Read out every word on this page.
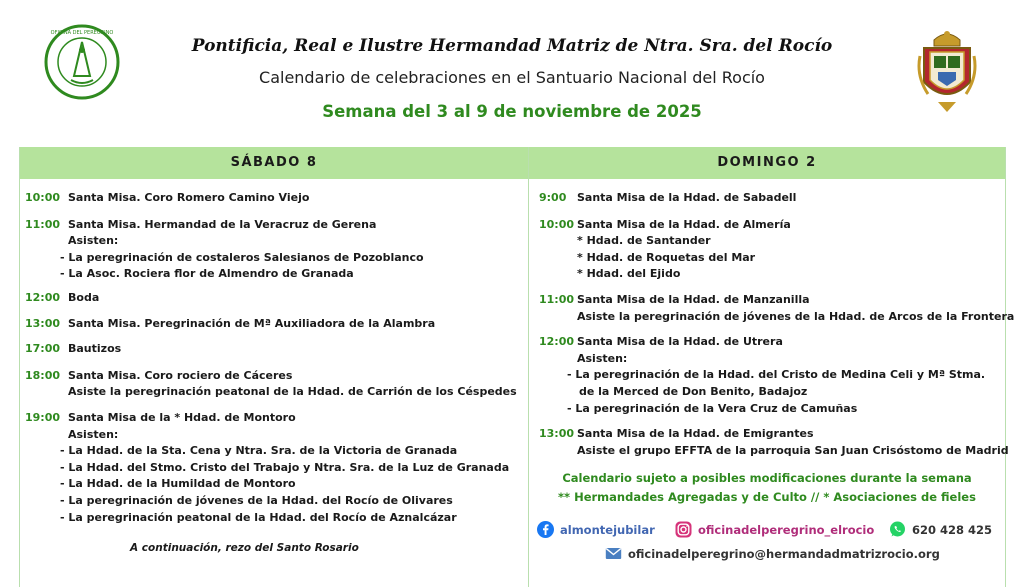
OFICINA DEL PEREGRINO
Pontificia, Real e Ilustre Hermandad Matriz de Ntra. Sra. del Rocío
Calendario de celebraciones en el Santuario Nacional del Rocío
Semana del 3 al 9 de noviembre de 2025
SÁBADO 8
10:00 Santa Misa. Coro Romero Camino Viejo
11:00 Santa Misa. Hermandad de la Veracruz de Gerena
Asisten:
- La peregrinación de costaleros Salesianos de Pozoblanco
- La Asoc. Rociera flor de Almendro de Granada
12:00 Boda
13:00 Santa Misa. Peregrinación de Mª Auxiliadora de la Alambra
17:00 Bautizos
18:00 Santa Misa. Coro rociero de Cáceres
Asiste la peregrinación peatonal de la Hdad. de Carrión de los Céspedes
19:00 Santa Misa de la * Hdad. de Montoro
Asisten:
- La Hdad. de la Sta. Cena y Ntra. Sra. de la Victoria de Granada
- La Hdad. del Stmo. Cristo del Trabajo y Ntra. Sra. de la Luz de Granada
- La Hdad. de la Humildad de Montoro
- La peregrinación de jóvenes de la Hdad. del Rocío de Olivares
- La peregrinación peatonal de la Hdad. del Rocío de Aznalcázar
A continuación, rezo del Santo Rosario
DOMINGO 2
9:00 Santa Misa de la Hdad. de Sabadell
10:00 Santa Misa de la Hdad. de Almería
* Hdad. de Santander
* Hdad. de Roquetas del Mar
* Hdad. del Ejido
11:00 Santa Misa de la Hdad. de Manzanilla
Asiste la peregrinación de jóvenes de la Hdad. de Arcos de la Frontera
12:00 Santa Misa de la Hdad. de Utrera
Asisten:
- La peregrinación de la Hdad. del Cristo de Medina Celi y Mª Stma.
de la Merced de Don Benito, Badajoz
- La peregrinación de la Vera Cruz de Camuñas
13:00 Santa Misa de la Hdad. de Emigrantes
Asiste el grupo EFFTA de la parroquia San Juan Crisóstomo de Madrid
Calendario sujeto a posibles modificaciones durante la semana
** Hermandades Agregadas y de Culto // * Asociaciones de fieles
almontejubilar	oficinadelperegrino_elrocio	620 428 425
oficinadelperegrino@hermandadmatrizrocio.org
